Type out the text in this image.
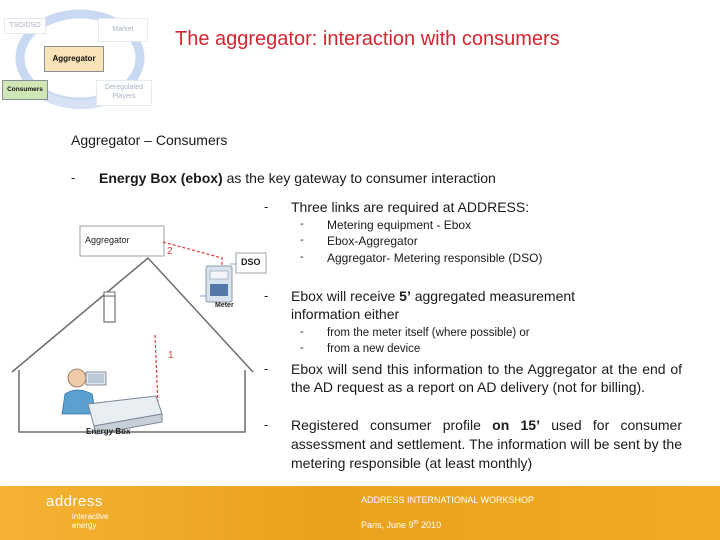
TSO/DSO
Market
Aggregator
Consumers	Deregulated
Players
The aggregator: interaction with consumers
Aggregator – Consumers
- Energy Box (ebox) as the key gateway to consumer interaction
- Three links are required at ADDRESS:
- Metering equipment - Ebox
- Ebox-Aggregator
- Aggregator- Metering responsible (DSO)
- Ebox will receive 5’ aggregated measurement
information either
- from the meter itself (where possible) or
- from a new device
- Ebox will send this information to the Aggregator at the end of the AD request as a report on AD delivery (not for billing).
- Registered consumer profile on 15’ used for consumer assessment and settlement. The information will be sent by the metering responsible (at least monthly)
Aggregator
2
DSO
Meter
1
Energy Box
address
interactive
energy
ADDRESS INTERNATIONAL WORKSHOP
Paris, June 9th 2010
